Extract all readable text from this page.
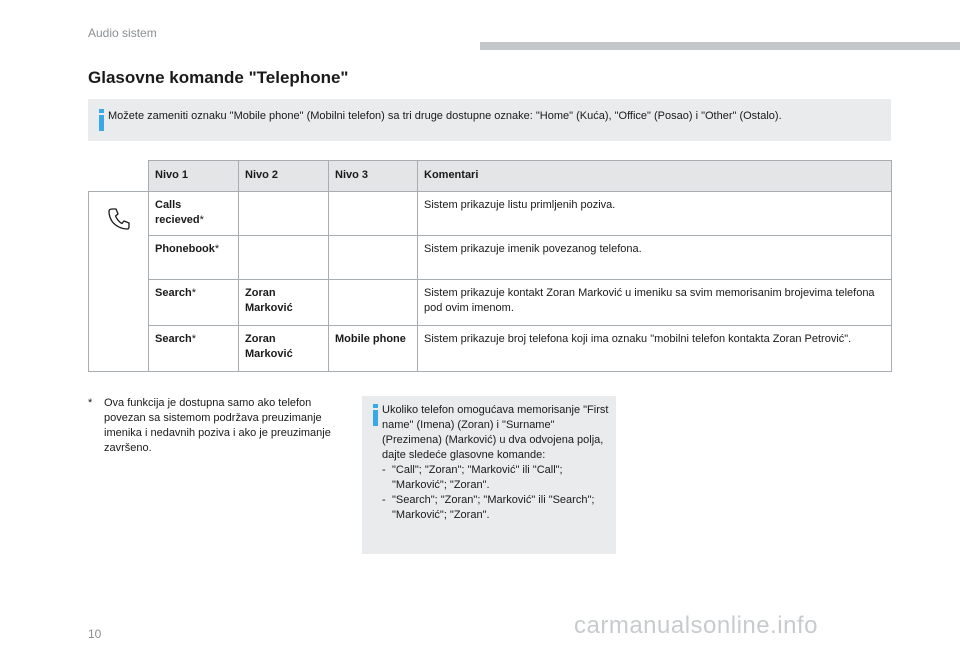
Audio sistem
Glasovne komande "Telephone"
Možete zameniti oznaku "Mobile phone" (Mobilni telefon) sa tri druge dostupne oznake: "Home" (Kuća), "Office" (Posao) i "Other" (Ostalo).
	Nivo 1	Nivo 2	Nivo 3	Komentari
	Calls recieved*			Sistem prikazuje listu primljenih poziva.
	Phonebook*			Sistem prikazuje imenik povezanog telefona.
	Search*	Zoran Marković		Sistem prikazuje kontakt Zoran Marković u imeniku sa svim memorisanim brojevima telefona pod ovim imenom.
	Search*	Zoran Marković	Mobile phone	Sistem prikazuje broj telefona koji ima oznaku "mobilni telefon kontakta Zoran Petrović".
* Ova funkcija je dostupna samo ako telefon povezan sa sistemom podržava preuzimanje imenika i nedavnih poziva i ako je preuzimanje završeno.
Ukoliko telefon omogućava memorisanje "First name" (Imena) (Zoran) i "Surname" (Prezimena) (Marković) u dva odvojena polja, dajte sledeće glasovne komande:
- "Call"; "Zoran"; "Marković" ili "Call"; "Marković"; "Zoran".
- "Search"; "Zoran"; "Marković" ili "Search"; "Marković"; "Zoran".
10	carmanualsonline.info
